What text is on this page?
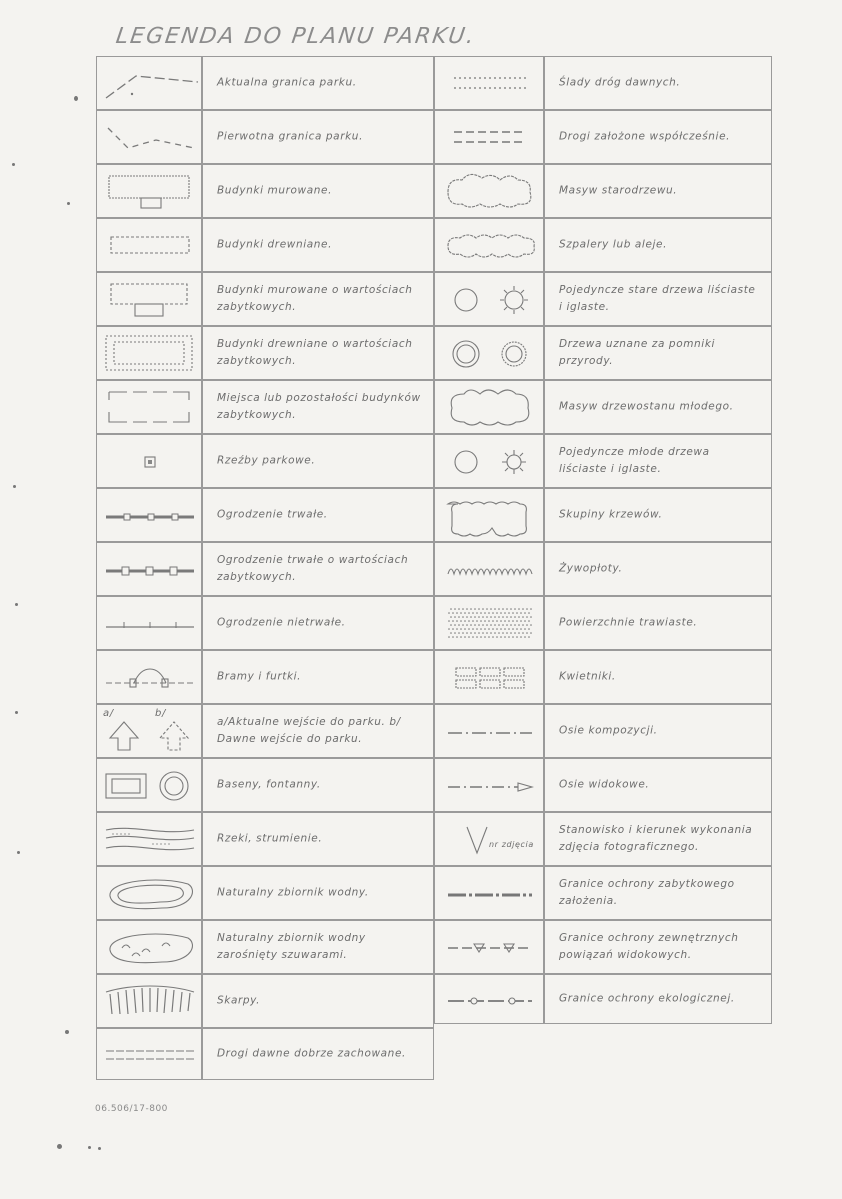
LEGENDA DO PLANU PARKU.
Aktualna granica parku.
Pierwotna granica parku.
Budynki murowane.
Budynki drewniane.
Budynki murowane o wartościach zabytkowych.
Budynki drewniane o wartościach zabytkowych.
Miejsca lub pozostałości budynków zabytkowych.
Rzeźby parkowe.
Ogrodzenie trwałe.
Ogrodzenie trwałe o wartościach zabytkowych.
Ogrodzenie nietrwałe.
Bramy i furtki.
a/	b/
a/Aktualne wejście do parku. b/ Dawne wejście do parku.
Baseny, fontanny.
Rzeki, strumienie.
Naturalny zbiornik wodny.
Naturalny zbiornik wodny zarośnięty szuwarami.
Skarpy.
Drogi dawne dobrze zachowane.
Ślady dróg dawnych.
Drogi założone współcześnie.
Masyw starodrzewu.
Szpalery lub aleje.
Pojedyncze stare drzewa liściaste i iglaste.
Drzewa uznane za pomniki przyrody.
Masyw drzewostanu młodego.
Pojedyncze młode drzewa liściaste i iglaste.
Skupiny krzewów.
Żywopłoty.
Powierzchnie trawiaste.
Kwietniki.
Osie kompozycji.
Osie widokowe.
nr zdjęcia
Stanowisko i kierunek wykonania zdjęcia fotograficznego.
Granice ochrony zabytkowego założenia.
Granice ochrony zewnętrznych powiązań widokowych.
Granice ochrony ekologicznej.
06.506/17-800
